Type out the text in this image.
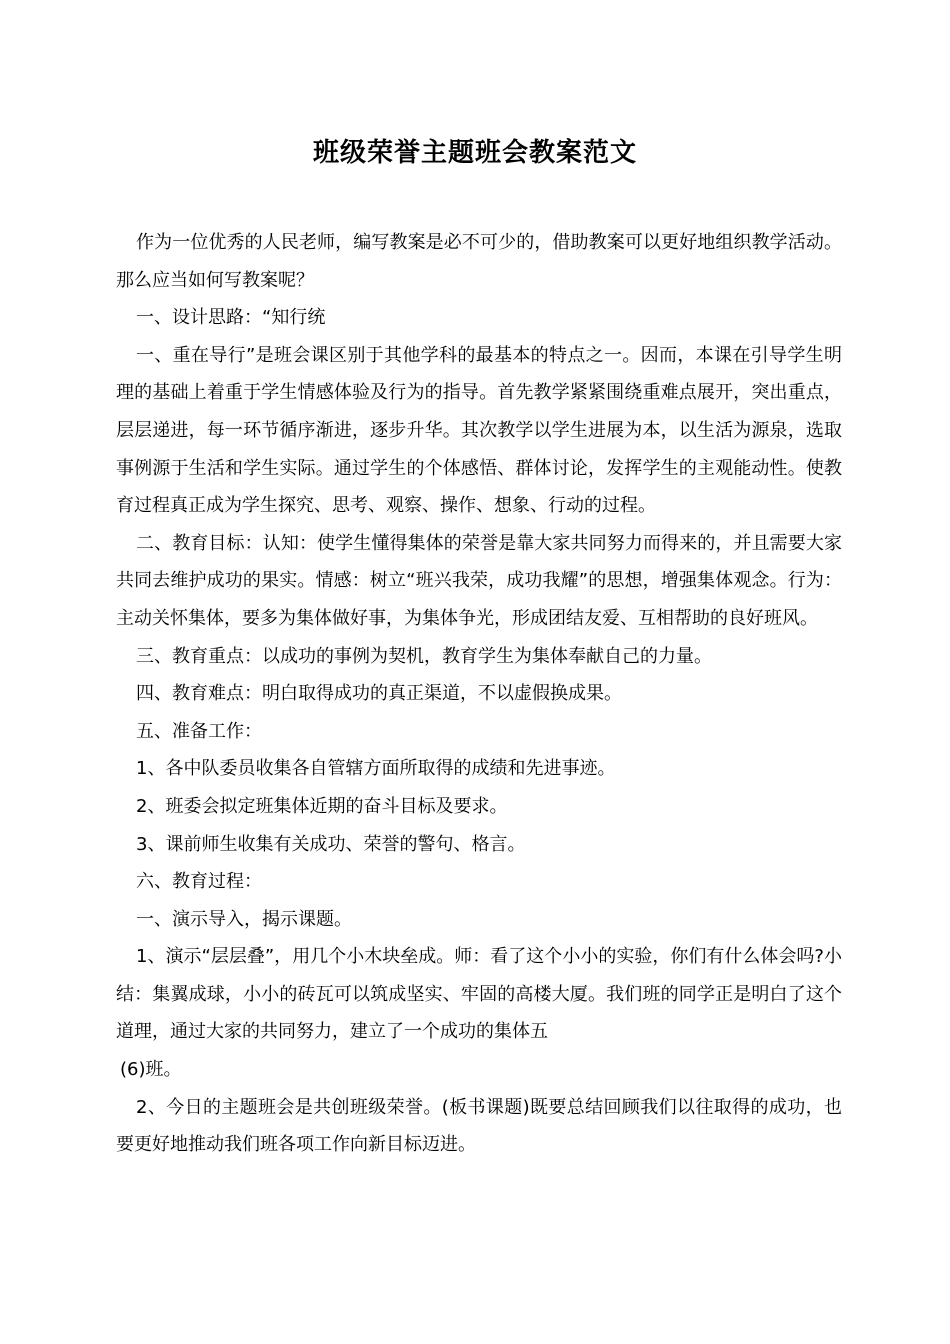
班级荣誉主题班会教案范文

作为一位优秀的人民老师，编写教案是必不可少的，借助教案可以更好地组织教学活动。那么应当如何写教案呢？

一、设计思路：“知行统

一、重在导行”是班会课区别于其他学科的最基本的特点之一。因而，本课在引导学生明理的基础上着重于学生情感体验及行为的指导。首先教学紧紧围绕重难点展开，突出重点，层层递进，每一环节循序渐进，逐步升华。其次教学以学生进展为本，以生活为源泉，选取事例源于生活和学生实际。通过学生的个体感悟、群体讨论，发挥学生的主观能动性。使教育过程真正成为学生探究、思考、观察、操作、想象、行动的过程。

二、教育目标：认知：使学生懂得集体的荣誉是靠大家共同努力而得来的，并且需要大家共同去维护成功的果实。情感：树立“班兴我荣，成功我耀”的思想，增强集体观念。行为：主动关怀集体，要多为集体做好事，为集体争光，形成团结友爱、互相帮助的良好班风。

三、教育重点：以成功的事例为契机，教育学生为集体奉献自己的力量。

四、教育难点：明白取得成功的真正渠道，不以虚假换成果。

五、准备工作：

1、各中队委员收集各自管辖方面所取得的成绩和先进事迹。

2、班委会拟定班集体近期的奋斗目标及要求。

3、课前师生收集有关成功、荣誉的警句、格言。

六、教育过程：

一、演示导入，揭示课题。

1、演示“层层叠”，用几个小木块垒成。师：看了这个小小的实验，你们有什么体会吗?小结：集翼成球，小小的砖瓦可以筑成坚实、牢固的高楼大厦。我们班的同学正是明白了这个道理，通过大家的共同努力，建立了一个成功的集体五

(6)班。

2、今日的主题班会是共创班级荣誉。(板书课题)既要总结回顾我们以往取得的成功，也要更好地推动我们班各项工作向新目标迈进。
